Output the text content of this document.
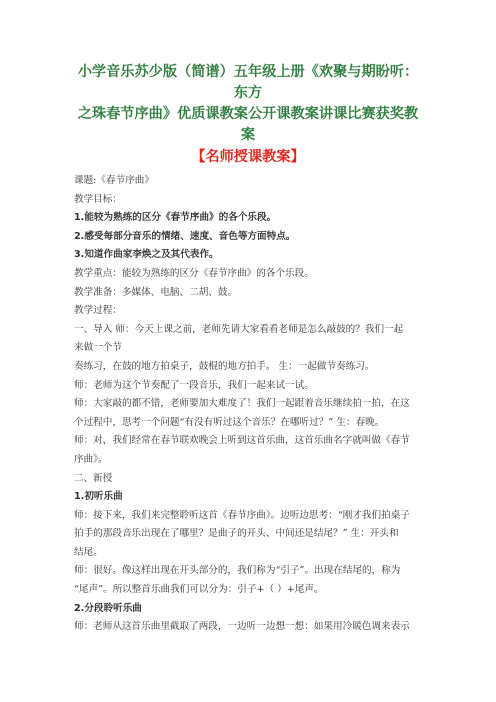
小学音乐苏少版（简谱）五年级上册《欢聚与期盼听：东方
之珠春节序曲》优质课教案公开课教案讲课比赛获奖教案
【名师授课教案】

课题:《春节序曲》

教学目标：

1.能较为熟练的区分《春节序曲》的各个乐段。

2.感受每部分音乐的情绪、速度、音色等方面特点。

3.知道作曲家李焕之及其代表作。

教学重点：能较为熟练的区分《春节序曲》的各个乐段。

教学准备：多媒体、电脑、二胡、鼓。

教学过程：

一、导入 师：今天上课之前，老师先请大家看看老师是怎么敲鼓的？我们一起

来做一个节

奏练习，在鼓的地方拍桌子，鼓棍的地方拍手。 生：一起做节奏练习。

师：老师为这个节奏配了一段音乐，我们一起来试一试。

师：大家敲的都不错，老师要加大难度了！我们一起跟着音乐继续拍一拍，在这

个过程中，思考一个问题“有没有听过这个音乐？在哪听过？” 生：春晚。

师：对，我们经常在春节联欢晚会上听到这首乐曲，这首乐曲名字就叫做《春节

序曲》。

二、新授

1.初听乐曲

师：接下来，我们来完整聆听这首《春节序曲》。边听边思考：“刚才我们拍桌子

拍手的那段音乐出现在了哪里？是曲子的开头、中间还是结尾？” 生：开头和

结尾。

师：很好。像这样出现在开头部分的，我们称为“引子”。出现在结尾的，称为

“尾声”。所以整首乐曲我们可以分为：引子+（ ）+尾声。

2.分段聆听乐曲

师：老师从这首乐曲里截取了两段，一边听一边想一想：如果用冷暖色调来表示
